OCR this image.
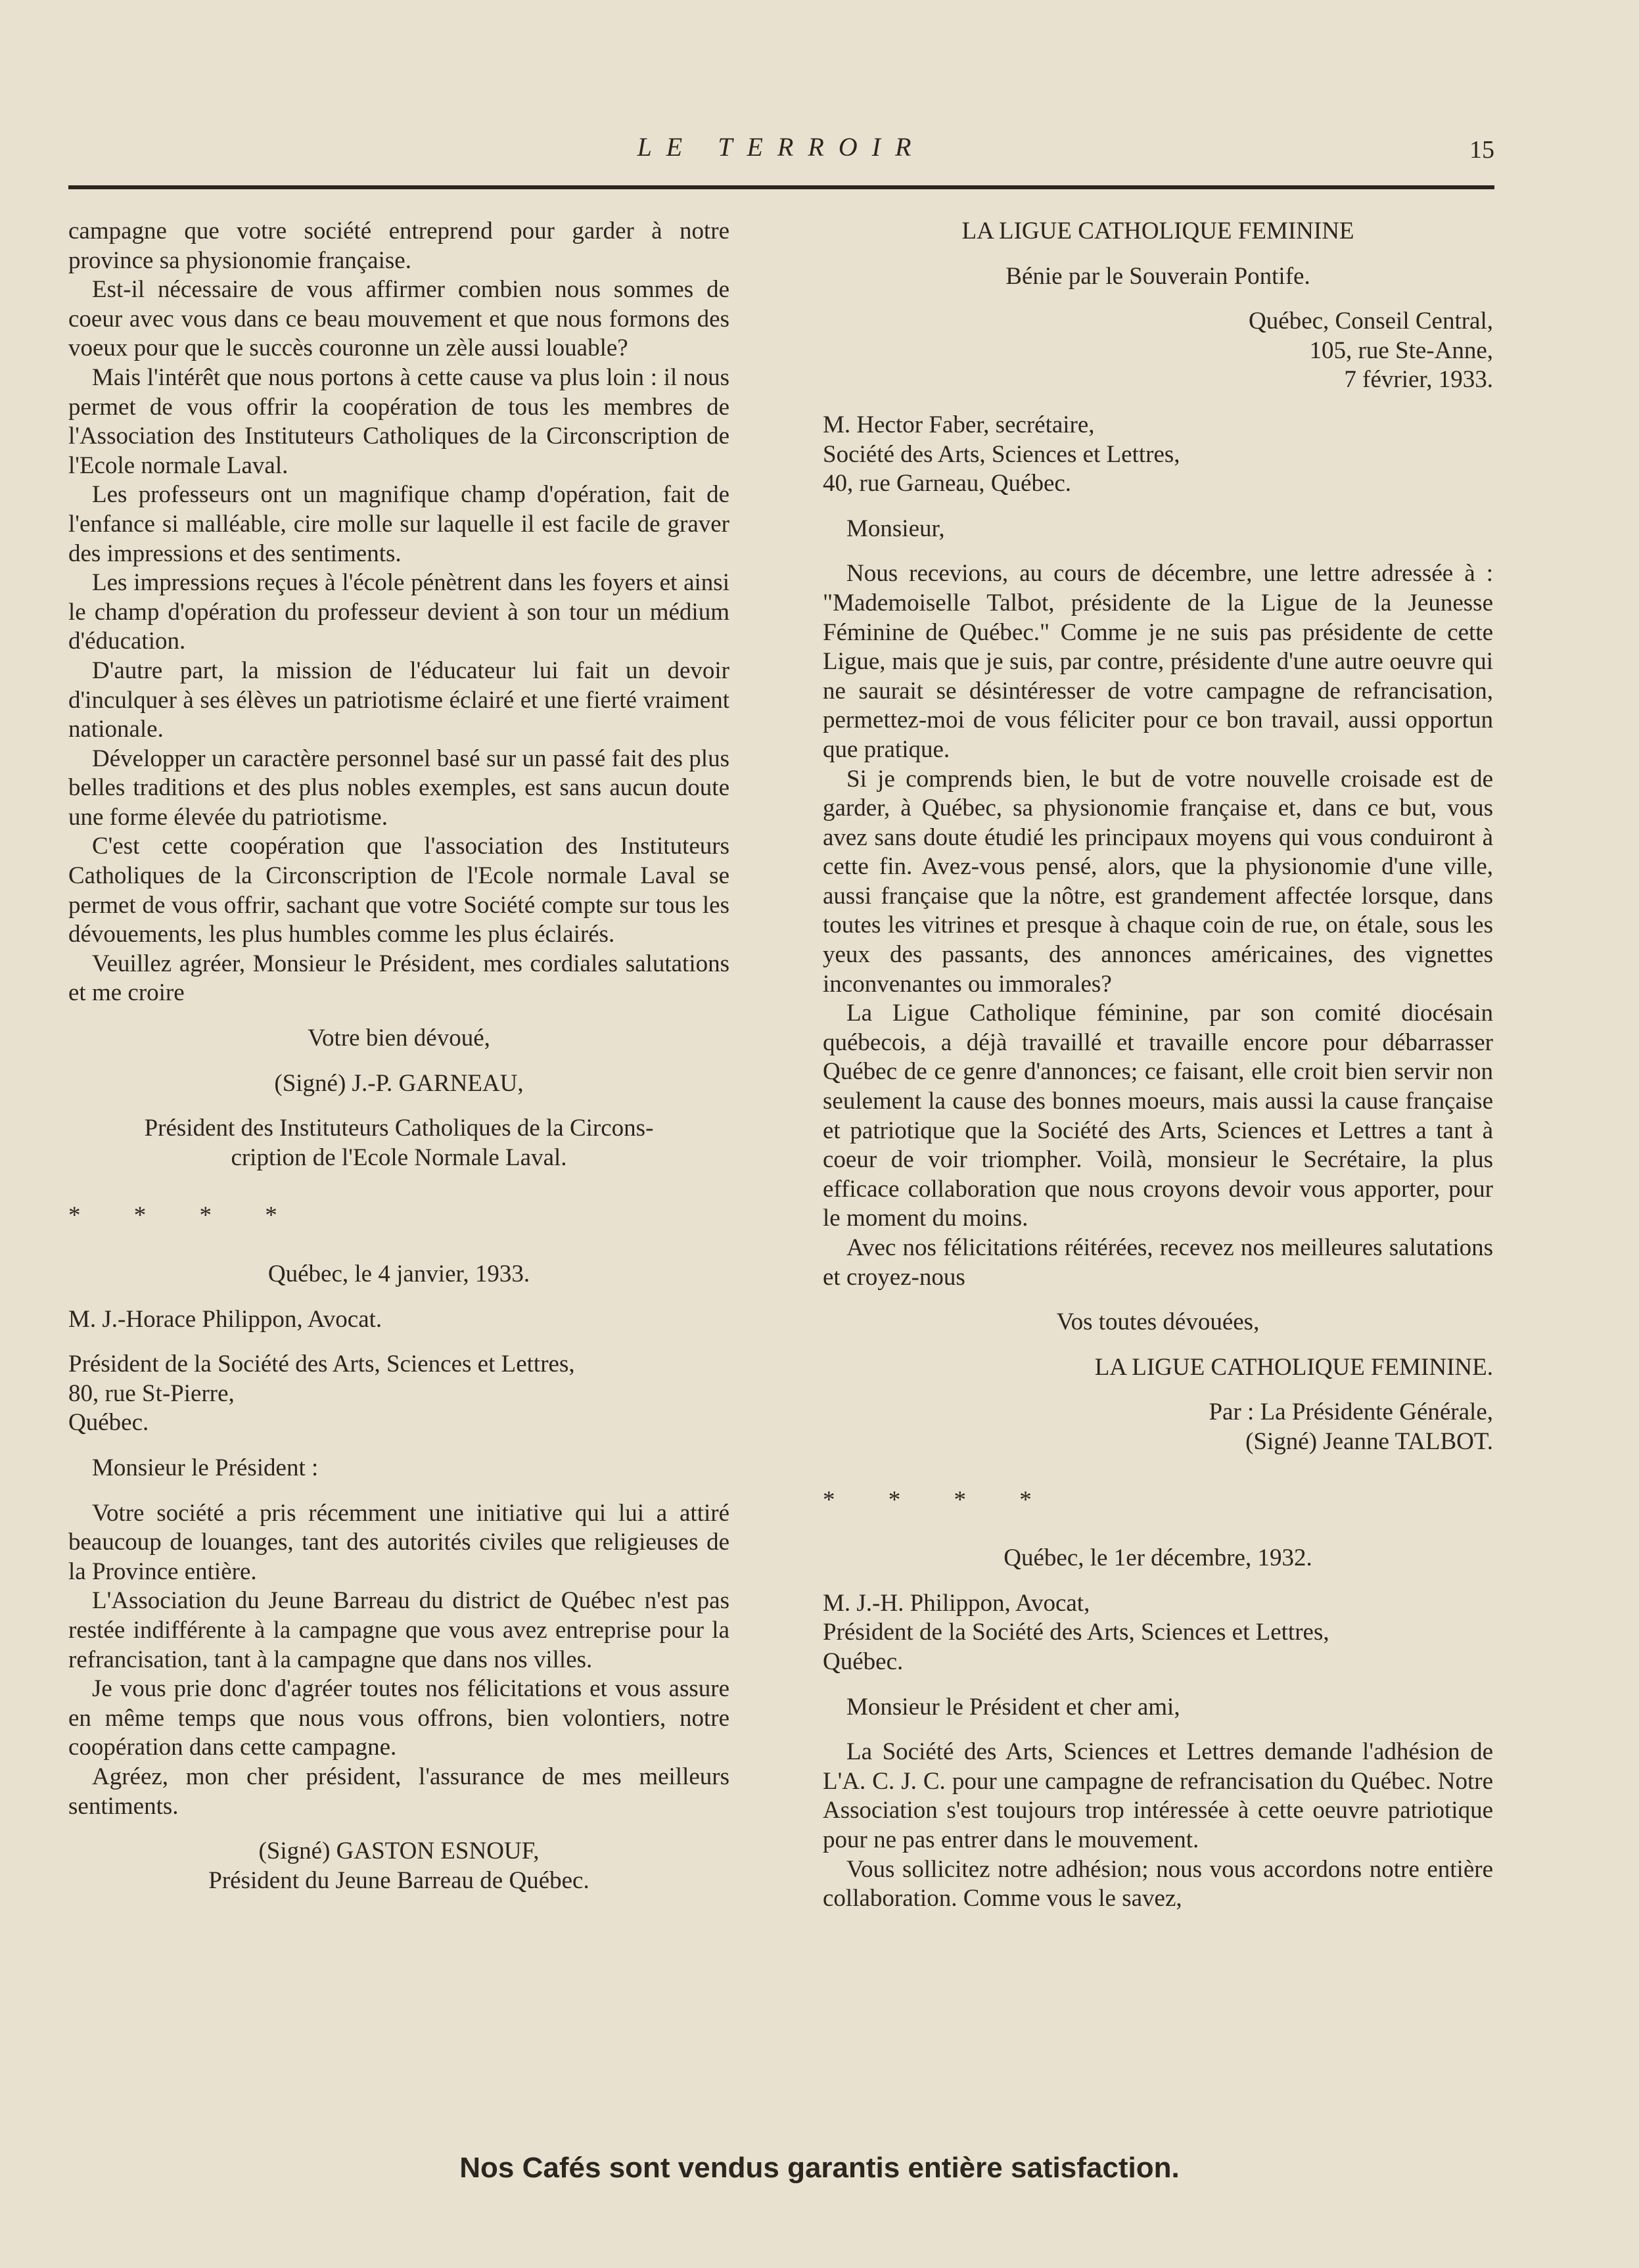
LE TERROIR	15

campagne que votre société entreprend pour garder à notre province sa physionomie française.

Est-il nécessaire de vous affirmer combien nous sommes de coeur avec vous dans ce beau mouvement et que nous formons des voeux pour que le succès couronne un zèle aussi louable?

Mais l'intérêt que nous portons à cette cause va plus loin : il nous permet de vous offrir la coopération de tous les membres de l'Association des Instituteurs Catholiques de la Circonscription de l'Ecole normale Laval.

Les professeurs ont un magnifique champ d'opération, fait de l'enfance si malléable, cire molle sur laquelle il est facile de graver des impressions et des sentiments.

Les impressions reçues à l'école pénètrent dans les foyers et ainsi le champ d'opération du professeur devient à son tour un médium d'éducation.

D'autre part, la mission de l'éducateur lui fait un devoir d'inculquer à ses élèves un patriotisme éclairé et une fierté vraiment nationale.

Développer un caractère personnel basé sur un passé fait des plus belles traditions et des plus nobles exemples, est sans aucun doute une forme élevée du patriotisme.

C'est cette coopération que l'association des Instituteurs Catholiques de la Circonscription de l'Ecole normale Laval se permet de vous offrir, sachant que votre Société compte sur tous les dévouements, les plus humbles comme les plus éclairés.

Veuillez agréer, Monsieur le Président, mes cordiales salutations et me croire

Votre bien dévoué,

(Signé) J.-P. GARNEAU,

Président des Instituteurs Catholiques de la Circons-

cription de l'Ecole Normale Laval.

* * * *

Québec, le 4 janvier, 1933.

M. J.-Horace Philippon, Avocat.

Président de la Société des Arts, Sciences et Lettres,

80, rue St-Pierre,

Québec.

Monsieur le Président :

Votre société a pris récemment une initiative qui lui a attiré beaucoup de louanges, tant des autorités civiles que religieuses de la Province entière.

L'Association du Jeune Barreau du district de Québec n'est pas restée indifférente à la campagne que vous avez entreprise pour la refrancisation, tant à la campagne que dans nos villes.

Je vous prie donc d'agréer toutes nos félicitations et vous assure en même temps que nous vous offrons, bien volontiers, notre coopération dans cette campagne.

Agréez, mon cher président, l'assurance de mes meilleurs sentiments.

(Signé) GASTON ESNOUF,

Président du Jeune Barreau de Québec.

LA LIGUE CATHOLIQUE FEMININE

Bénie par le Souverain Pontife.

Québec, Conseil Central,

105, rue Ste-Anne,

7 février, 1933.

M. Hector Faber, secrétaire,

Société des Arts, Sciences et Lettres,

40, rue Garneau, Québec.

Monsieur,

Nous recevions, au cours de décembre, une lettre adressée à : "Mademoiselle Talbot, présidente de la Ligue de la Jeunesse Féminine de Québec." Comme je ne suis pas présidente de cette Ligue, mais que je suis, par contre, présidente d'une autre oeuvre qui ne saurait se désintéresser de votre campagne de refrancisation, permettez-moi de vous féliciter pour ce bon travail, aussi opportun que pratique.

Si je comprends bien, le but de votre nouvelle croisade est de garder, à Québec, sa physionomie française et, dans ce but, vous avez sans doute étudié les principaux moyens qui vous conduiront à cette fin. Avez-vous pensé, alors, que la physionomie d'une ville, aussi française que la nôtre, est grandement affectée lorsque, dans toutes les vitrines et presque à chaque coin de rue, on étale, sous les yeux des passants, des annonces américaines, des vignettes inconvenantes ou immorales?

La Ligue Catholique féminine, par son comité diocésain québecois, a déjà travaillé et travaille encore pour débarrasser Québec de ce genre d'annonces; ce faisant, elle croit bien servir non seulement la cause des bonnes moeurs, mais aussi la cause française et patriotique que la Société des Arts, Sciences et Lettres a tant à coeur de voir triompher. Voilà, monsieur le Secrétaire, la plus efficace collaboration que nous croyons devoir vous apporter, pour le moment du moins.

Avec nos félicitations réitérées, recevez nos meilleures salutations et croyez-nous

Vos toutes dévouées,

LA LIGUE CATHOLIQUE FEMININE.

Par : La Présidente Générale,

(Signé) Jeanne TALBOT.

* * * *

Québec, le 1er décembre, 1932.

M. J.-H. Philippon, Avocat,

Président de la Société des Arts, Sciences et Lettres,

Québec.

Monsieur le Président et cher ami,

La Société des Arts, Sciences et Lettres demande l'adhésion de L'A. C. J. C. pour une campagne de refrancisation du Québec. Notre Association s'est toujours trop intéressée à cette oeuvre patriotique pour ne pas entrer dans le mouvement.

Vous sollicitez notre adhésion; nous vous accordons notre entière collaboration. Comme vous le savez,

Nos Cafés sont vendus garantis entière satisfaction.
